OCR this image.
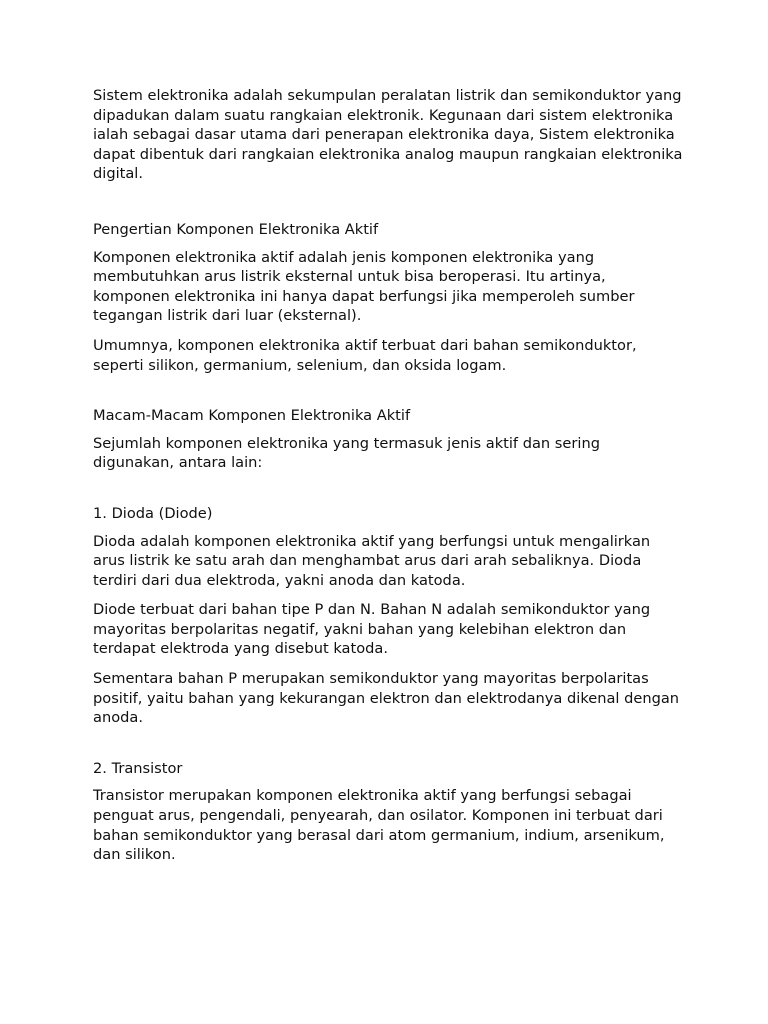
Sistem elektronika adalah sekumpulan peralatan listrik dan semikonduktor yang dipadukan dalam suatu rangkaian elektronik. Kegunaan dari sistem elektronika ialah sebagai dasar utama dari penerapan elektronika daya, Sistem elektronika dapat dibentuk dari rangkaian elektronika analog maupun rangkaian elektronika digital.

Pengertian Komponen Elektronika Aktif

Komponen elektronika aktif adalah jenis komponen elektronika yang membutuhkan arus listrik eksternal untuk bisa beroperasi. Itu artinya, komponen elektronika ini hanya dapat berfungsi jika memperoleh sumber tegangan listrik dari luar (eksternal).

Umumnya, komponen elektronika aktif terbuat dari bahan semikonduktor, seperti silikon, germanium, selenium, dan oksida logam.

Macam-Macam Komponen Elektronika Aktif

Sejumlah komponen elektronika yang termasuk jenis aktif dan sering digunakan, antara lain:

1. Dioda (Diode)

Dioda adalah komponen elektronika aktif yang berfungsi untuk mengalirkan arus listrik ke satu arah dan menghambat arus dari arah sebaliknya. Dioda terdiri dari dua elektroda, yakni anoda dan katoda.

Diode terbuat dari bahan tipe P dan N. Bahan N adalah semikonduktor yang mayoritas berpolaritas negatif, yakni bahan yang kelebihan elektron dan terdapat elektroda yang disebut katoda.

Sementara bahan P merupakan semikonduktor yang mayoritas berpolaritas positif, yaitu bahan yang kekurangan elektron dan elektrodanya dikenal dengan anoda.

2. Transistor

Transistor merupakan komponen elektronika aktif yang berfungsi sebagai penguat arus, pengendali, penyearah, dan osilator. Komponen ini terbuat dari bahan semikonduktor yang berasal dari atom germanium, indium, arsenikum, dan silikon.
